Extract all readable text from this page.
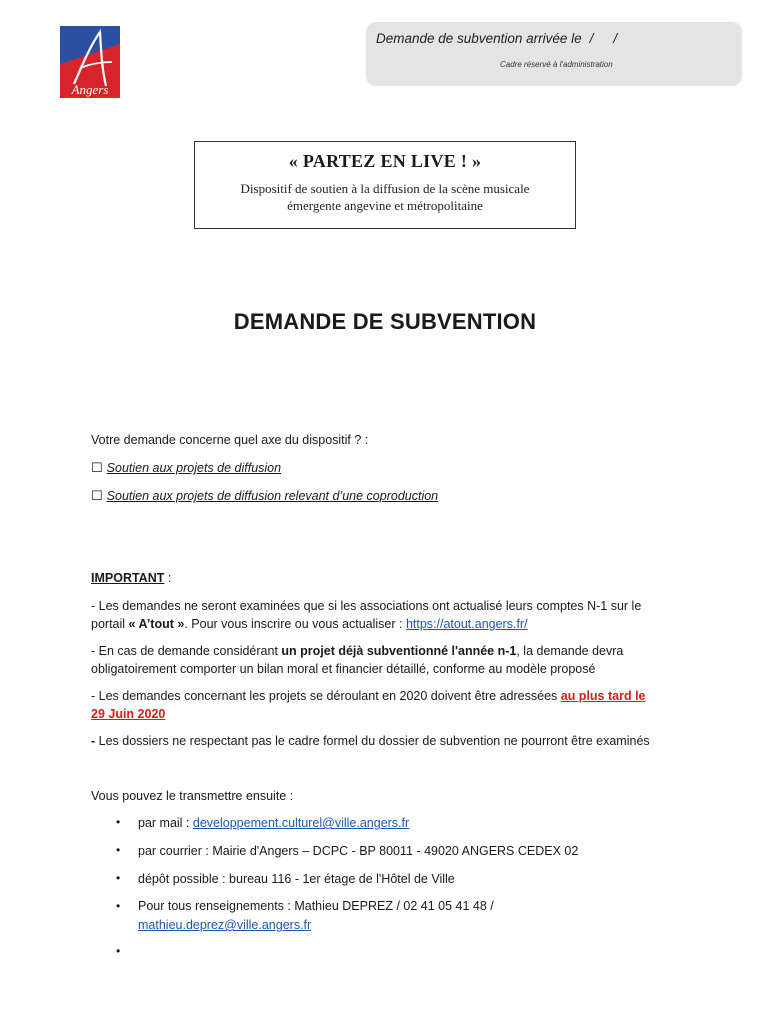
Angers
Demande de subvention arrivée le / /
Cadre réservé à l'administration
« PARTEZ EN LIVE ! »
Dispositif de soutien à la diffusion de la scène musicale
émergente angevine et métropolitaine
DEMANDE DE SUBVENTION
Votre demande concerne quel axe du dispositif ? :
☐ Soutien aux projets de diffusion
☐ Soutien aux projets de diffusion relevant d’une coproduction
IMPORTANT :
- Les demandes ne seront examinées que si les associations ont actualisé leurs comptes N-1 sur le
portail « A’tout ». Pour vous inscrire ou vous actualiser : https://atout.angers.fr/
- En cas de demande considérant un projet déjà subventionné l'année n-1, la demande devra
obligatoirement comporter un bilan moral et financier détaillé, conforme au modèle proposé
- Les demandes concernant les projets se déroulant en 2020 doivent être adressées au plus tard le
29 Juin 2020
- Les dossiers ne respectant pas le cadre formel du dossier de subvention ne pourront être examinés
Vous pouvez le transmettre ensuite :
• par mail : developpement.culturel@ville.angers.fr
• par courrier : Mairie d'Angers – DCPC - BP 80011 - 49020 ANGERS CEDEX 02
• dépôt possible : bureau 116 - 1er étage de l'Hôtel de Ville
• Pour tous renseignements : Mathieu DEPREZ / 02 41 05 41 48 /
mathieu.deprez@ville.angers.fr
•
